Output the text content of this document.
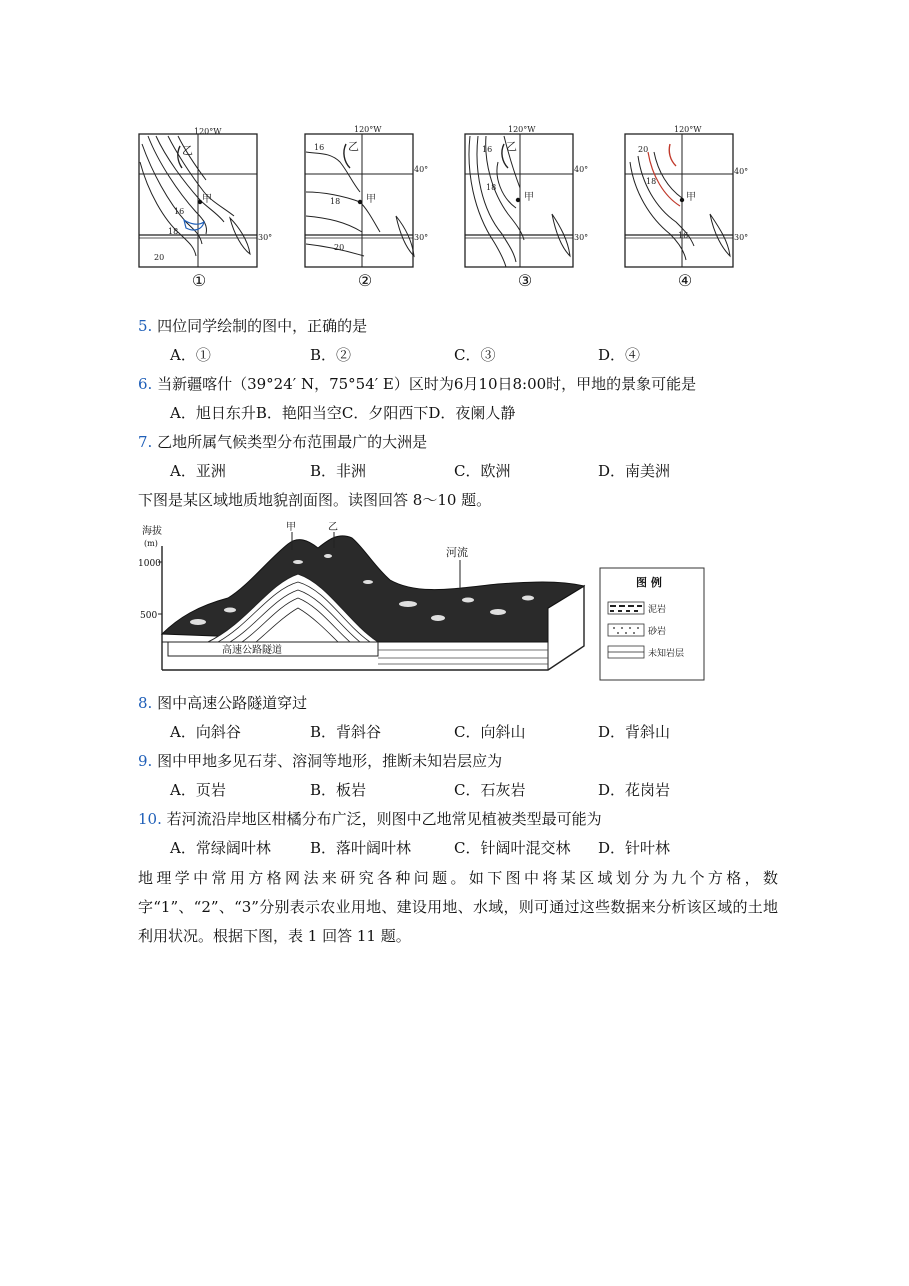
120°W
30°
乙
甲
16
18
20
①
120°W
40°
30°
乙
甲
16
18
20
②
120°W
40°
30°
乙
甲
16
18
③
120°W
40°
30°
甲
20
18
16
④
5. 四位同学绘制的图中，正确的是
A．①	B．②	C．③	D．④
6. 当新疆喀什（39°24′ N，75°54′ E）区时为6月10日8:00时，甲地的景象可能是
A．旭日东升B．艳阳当空C．夕阳西下D．夜阑人静
7. 乙地所属气候类型分布范围最广的大洲是
A．亚洲	B．非洲	C．欧洲	D．南美洲
下图是某区域地质地貌剖面图。读图回答 8～10 题。
海拔
(m)
1000
500
高速公路隧道
甲	乙
河流
图 例
泥岩
砂岩
未知岩层
8. 图中高速公路隧道穿过
A．向斜谷	B．背斜谷	C．向斜山	D．背斜山
9. 图中甲地多见石芽、溶洞等地形，推断未知岩层应为
A．页岩	B．板岩	C．石灰岩	D．花岗岩
10. 若河流沿岸地区柑橘分布广泛，则图中乙地常见植被类型最可能为
A．常绿阔叶林	B．落叶阔叶林	C．针阔叶混交林 D．针叶林
地理学中常用方格网法来研究各种问题。如下图中将某区域划分为九个方格，数字“1”、“2”、“3”分别表示农业用地、建设用地、水域，则可通过这些数据来分析该区域的土地利用状况。根据下图，表 1 回答 11 题。
